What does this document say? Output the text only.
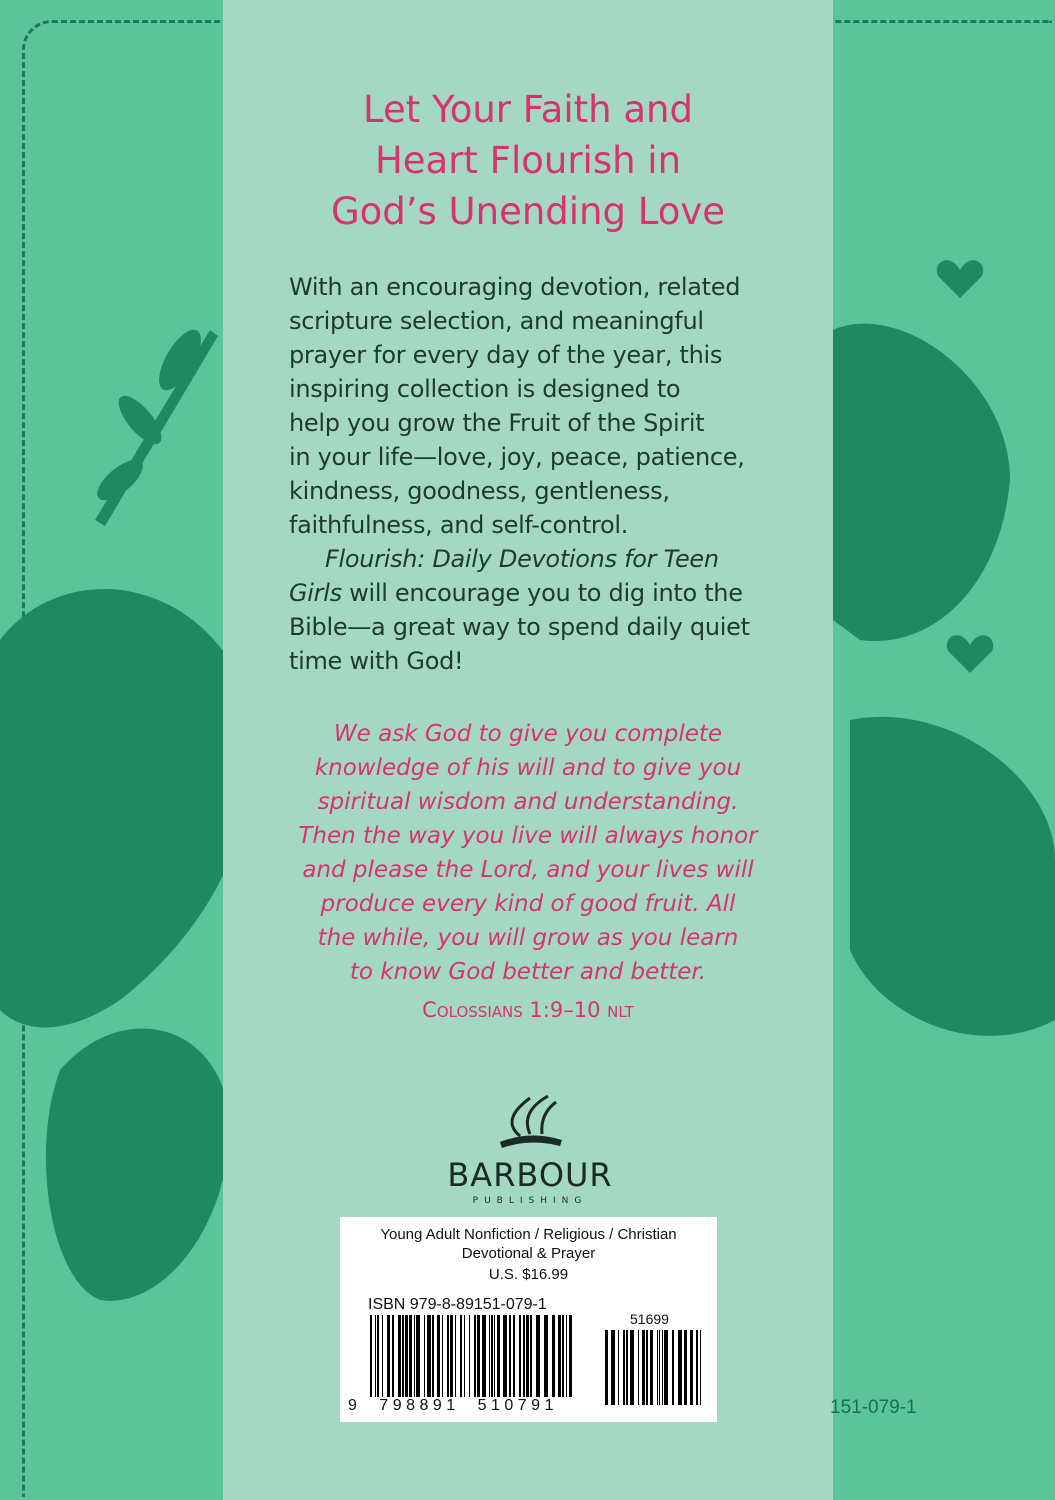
Let Your Faith and
Heart Flourish in
God’s Unending Love
With an encouraging devotion, related
scripture selection, and meaningful
prayer for every day of the year, this
inspiring collection is designed to
help you grow the Fruit of the Spirit
in your life—love, joy, peace, patience,
kindness, goodness, gentleness,
faithfulness, and self-control.
Flourish: Daily Devotions for Teen
Girls will encourage you to dig into the
Bible—a great way to spend daily quiet
time with God!
We ask God to give you complete
knowledge of his will and to give you
spiritual wisdom and understanding.
Then the way you live will always honor
and please the Lord, and your lives will
produce every kind of good fruit. All
the while, you will grow as you learn
to know God better and better.
Colossians 1:9–10 NLT
BARBOUR
PUBLISHING
Young Adult Nonfiction / Religious / Christian
Devotional & Prayer
U.S. $16.99
ISBN 979-8-89151-079-1
51699
9  798891  510791	151-079-1
